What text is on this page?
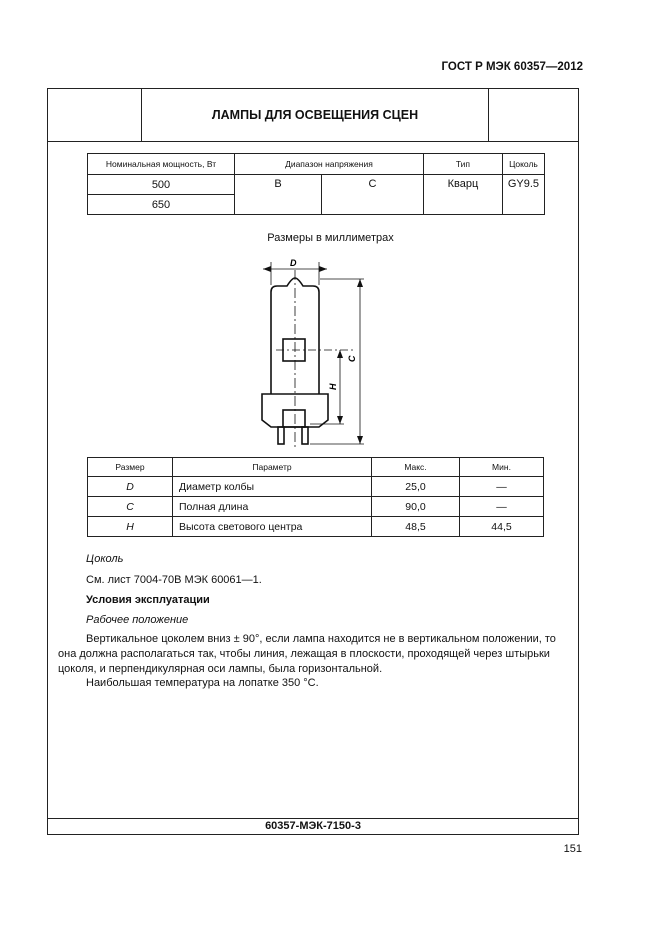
ГОСТ Р МЭК 60357—2012
ЛАМПЫ ДЛЯ ОСВЕЩЕНИЯ СЦЕН
60357-МЭК-7150-3
Номинальная мощность, Вт	Диапазон напряжения		Тип	Цоколь
500	В	С	Кварц	GY9.5
650				
Размеры в миллиметрах
D
C
H
Размер	Параметр	Макс.	Мин.
D	Диаметр колбы	25,0	—
C	Полная длина	90,0	—
H	Высота светового центра	48,5	44,5
Цоколь
См. лист 7004-70В МЭК 60061—1.
Условия эксплуатации
Рабочее положение
Вертикальное цоколем вниз ± 90°, если лампа находится не в вертикальном положении, то она должна располагаться так, чтобы линия, лежащая в плоскости, проходящей через штырьки цоколя, и перпендикулярная оси лампы, была горизонтальной.
Наибольшая температура на лопатке 350 °С.
151
